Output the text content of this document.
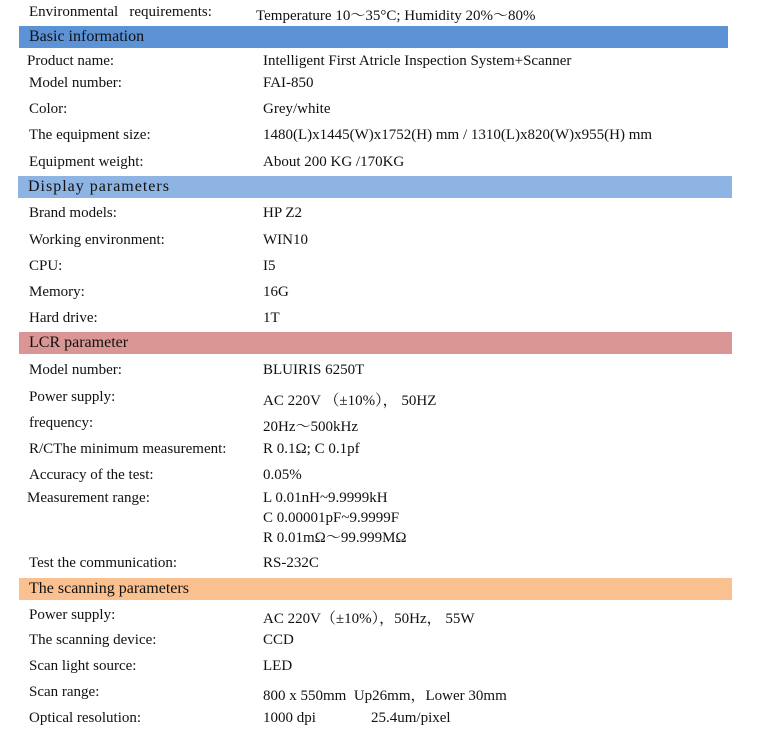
Environmental   requirements:	Temperature 10～35°C; Humidity 20%～80%
Basic information
Product name:	Intelligent First Atricle Inspection System+Scanner
Model number:	FAI-850
Color:	Grey/white
The equipment size:	1480(L)x1445(W)x1752(H) mm / 1310(L)x820(W)x955(H) mm
Equipment weight:	About 200 KG /170KG
Display parameters
Brand models:	HP Z2
Working environment:	WIN10
CPU:	I5
Memory:	16G
Hard drive:	1T
LCR parameter
Model number:	BLUIRIS 6250T
Power supply:	AC 220V （±10%）， 50HZ
frequency:	20Hz～500kHz
R/CThe minimum measurement: R 0.1Ω; C 0.1pf
Accuracy of the test:	0.05%
Measurement range:	L 0.01nH~9.9999kH
C 0.00001pF~9.9999F
R 0.01mΩ～99.999MΩ
Test the communication:	RS-232C
The scanning parameters
Power supply:	AC 220V（±10%），50Hz， 55W
The scanning device:	CCD
Scan light source:	LED
Scan range:	800 x 550mm  Up26mm，Lower 30mm
Optical resolution:	1000 dpi	25.4um/pixel
